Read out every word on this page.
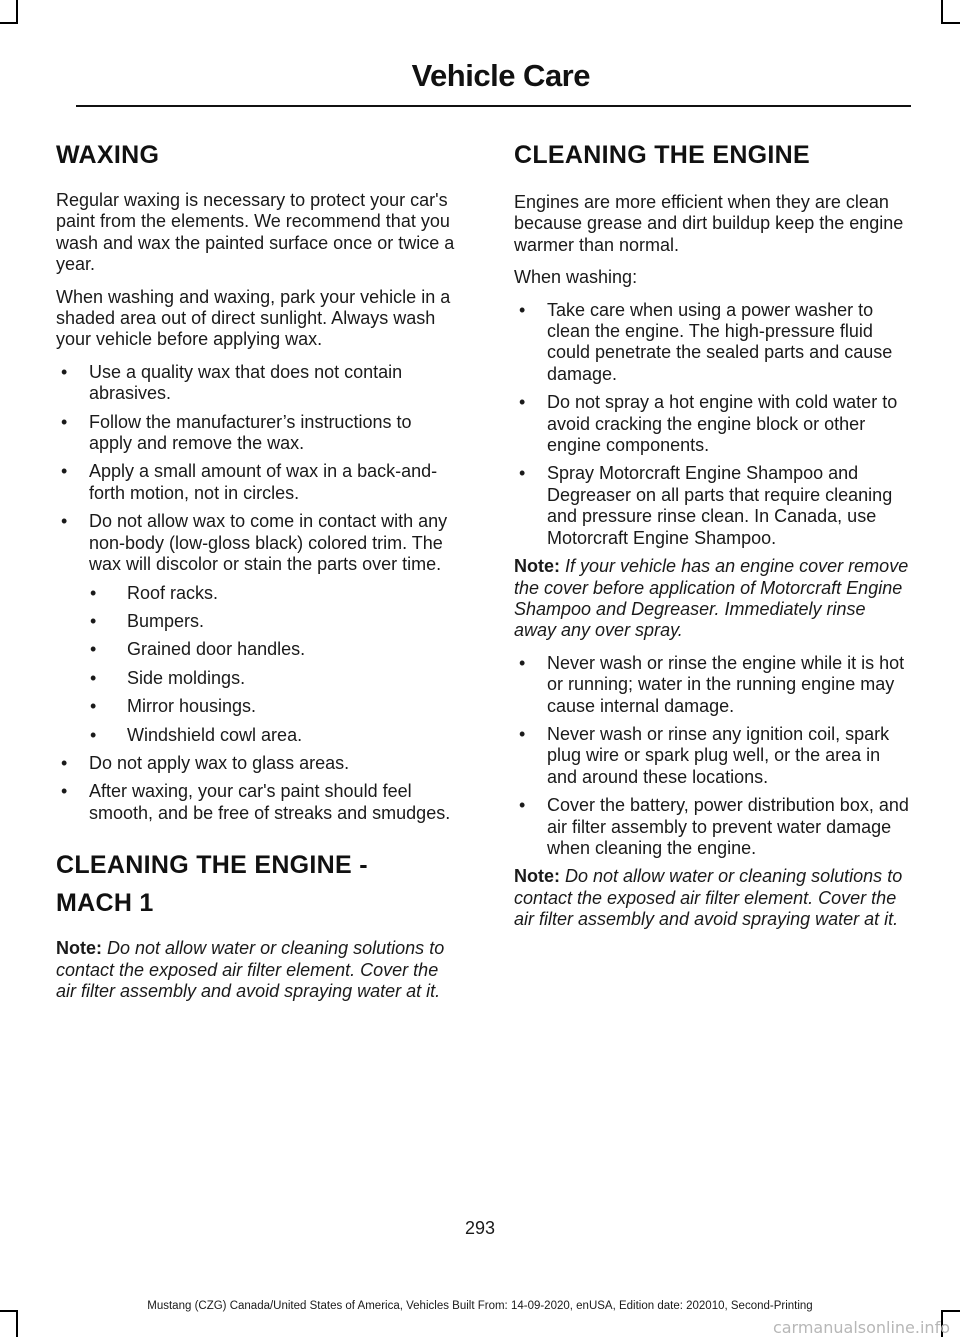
Vehicle Care
WAXING

Regular waxing is necessary to protect your car's paint from the elements. We recommend that you wash and wax the painted surface once or twice a year.

When washing and waxing, park your vehicle in a shaded area out of direct sunlight. Always wash your vehicle before applying wax.

• Use a quality wax that does not contain abrasives.
• Follow the manufacturer’s instructions to apply and remove the wax.
• Apply a small amount of wax in a back-and-forth motion, not in circles.
• Do not allow wax to come in contact with any non-body (low-gloss black) colored trim. The wax will discolor or stain the parts over time.
• Roof racks.
• Bumpers.
• Grained door handles.
• Side moldings.
• Mirror housings.
• Windshield cowl area.
• Do not apply wax to glass areas.
• After waxing, your car's paint should feel smooth, and be free of streaks and smudges.
CLEANING THE ENGINE -
MACH 1

Note: Do not allow water or cleaning solutions to contact the exposed air filter element. Cover the air filter assembly and avoid spraying water at it.

CLEANING THE ENGINE

Engines are more efficient when they are clean because grease and dirt buildup keep the engine warmer than normal.

When washing:

• Take care when using a power washer to clean the engine. The high-pressure fluid could penetrate the sealed parts and cause damage.
• Do not spray a hot engine with cold water to avoid cracking the engine block or other engine components.
• Spray Motorcraft Engine Shampoo and Degreaser on all parts that require cleaning and pressure rinse clean. In Canada, use Motorcraft Engine Shampoo.

Note: If your vehicle has an engine cover remove the cover before application of Motorcraft Engine Shampoo and Degreaser. Immediately rinse away any over spray.

• Never wash or rinse the engine while it is hot or running; water in the running engine may cause internal damage.
• Never wash or rinse any ignition coil, spark plug wire or spark plug well, or the area in and around these locations.
• Cover the battery, power distribution box, and air filter assembly to prevent water damage when cleaning the engine.

Note: Do not allow water or cleaning solutions to contact the exposed air filter element. Cover the air filter assembly and avoid spraying water at it.

293
Mustang (CZG) Canada/United States of America, Vehicles Built From: 14-09-2020, enUSA, Edition date: 202010, Second-Printing
carmanualsonline.info
